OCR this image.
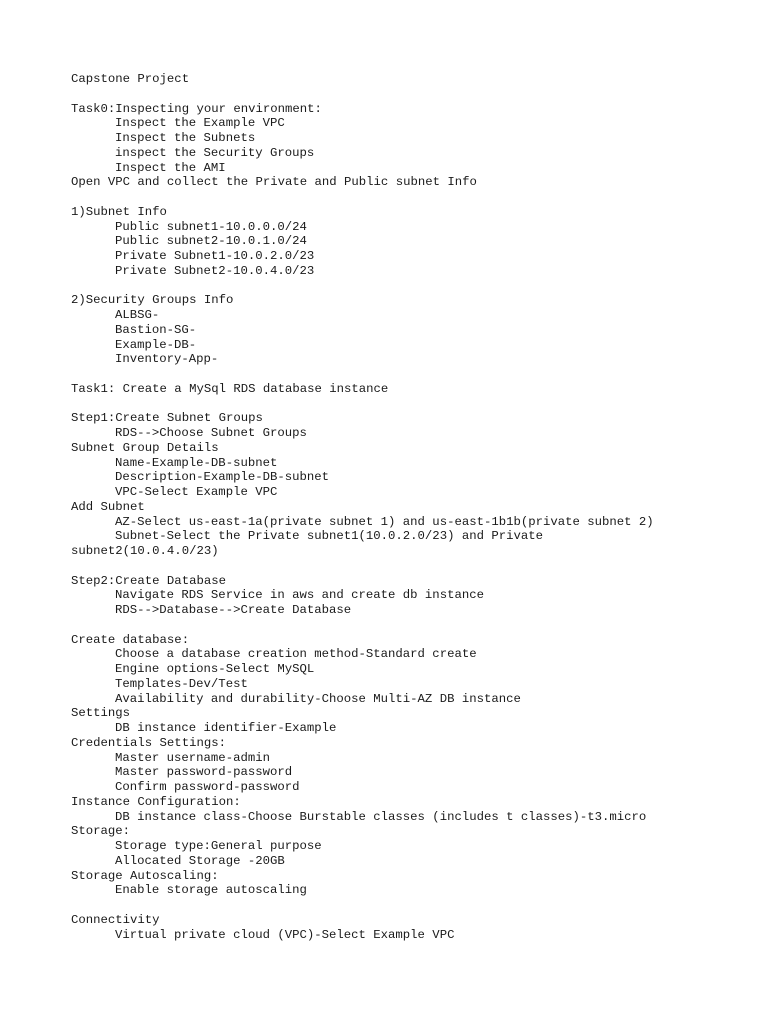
Capstone Project
Task0:Inspecting your environment:
Inspect the Example VPC
Inspect the Subnets
inspect the Security Groups
Inspect the AMI
Open VPC and collect the Private and Public subnet Info
1)Subnet Info
Public subnet1-10.0.0.0/24
Public subnet2-10.0.1.0/24
Private Subnet1-10.0.2.0/23
Private Subnet2-10.0.4.0/23
2)Security Groups Info
ALBSG-
Bastion-SG-
Example-DB-
Inventory-App-
Task1: Create a MySql RDS database instance
Step1:Create Subnet Groups
RDS-->Choose Subnet Groups
Subnet Group Details
Name-Example-DB-subnet
Description-Example-DB-subnet
VPC-Select Example VPC
Add Subnet
AZ-Select us-east-1a(private subnet 1) and us-east-1b1b(private subnet 2)
Subnet-Select the Private subnet1(10.0.2.0/23) and Private
subnet2(10.0.4.0/23)
Step2:Create Database
Navigate RDS Service in aws and create db instance
RDS-->Database-->Create Database
Create database:
Choose a database creation method-Standard create
Engine options-Select MySQL
Templates-Dev/Test
Availability and durability-Choose Multi-AZ DB instance
Settings
DB instance identifier-Example
Credentials Settings:
Master username-admin
Master password-password
Confirm password-password
Instance Configuration:
DB instance class-Choose Burstable classes (includes t classes)-t3.micro
Storage:
Storage type:General purpose
Allocated Storage -20GB
Storage Autoscaling:
Enable storage autoscaling
Connectivity
Virtual private cloud (VPC)-Select Example VPC
